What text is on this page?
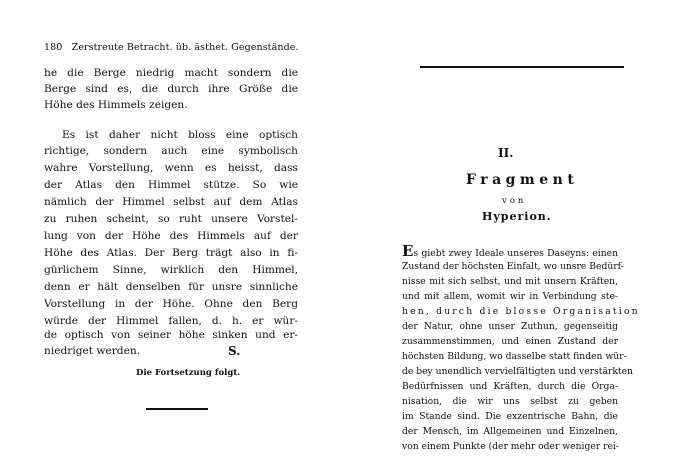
180 Zerstreute Betracht. üb. ästhet. Gegenstände.
he die Berge niedrig macht sondern die
Berge sind es, die durch ihre Größe die
Höhe des Himmels zeigen.
Es ist daher nicht bloss eine optisch
richtige, sondern auch eine symbolisch
wahre Vorstellung, wenn es heisst, dass
der Atlas den Himmel stütze. So wie
nämlich der Himmel selbst auf dem Atlas
zu ruhen scheint, so ruht unsere Vorstel-
lung von der Höhe des Himmels auf der
Höhe des Atlas. Der Berg trägt also in fi-
gürlichem Sinne, wirklich den Himmel,
denn er hält denselben für unsre sinnliche
Vorstellung in der Höhe. Ohne den Berg
würde der Himmel fallen, d. h. er wür-
de optisch von seiner höhe sinken und er-
niedriget werden.	S.
Die Fortsetzung folgt.
II.
Fragment
von
Hyperion.
Es giebt zwey Ideale unseres Daseyns: einen
Zustand der höchsten Einfalt, wo unsre Bedürf-
nisse mit sich selbst, und mit unsern Kräften,
und mit allem, womit wir in Verbindung ste-
hen, durch die blosse Organisation
der Natur, ohne unser Zuthun, gegenseitig
zusammenstimmen, und einen Zustand der
höchsten Bildung, wo dasselbe statt finden wür-
de bey unendlich vervielfältigten und verstärkten
Bedürfnissen und Kräften, durch die Orga-
nisation, die wir uns selbst zu geben
im Stande sind. Die exzentrische Bahn, die
der Mensch, im Allgemeinen und Einzelnen,
von einem Punkte (der mehr oder weniger rei-
